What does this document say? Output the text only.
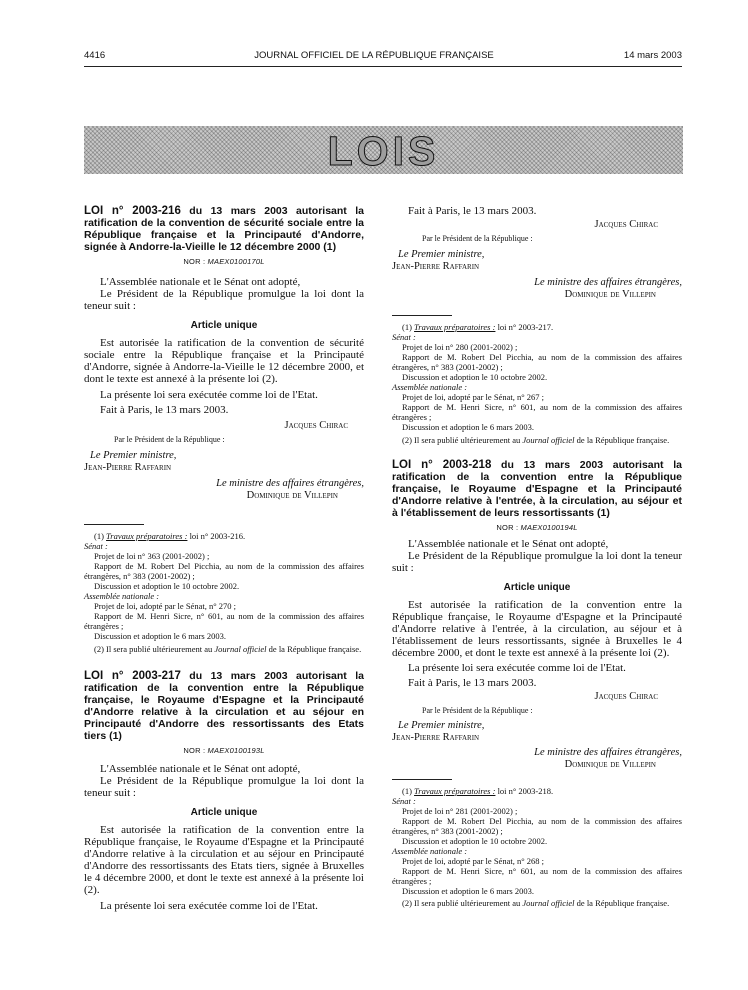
4416	JOURNAL OFFICIEL DE LA RÉPUBLIQUE FRANÇAISE	14 mars 2003
LOIS

LOI n° 2003-216 du 13 mars 2003 autorisant la ratification de la convention de sécurité sociale entre la République française et la Principauté d'Andorre, signée à Andorre-la-Vieille le 12 décembre 2000 (1)

NOR : MAEX0100170L

L'Assemblée nationale et le Sénat ont adopté,

Le Président de la République promulgue la loi dont la teneur suit :

Article unique

Est autorisée la ratification de la convention de sécurité sociale entre la République française et la Principauté d'Andorre, signée à Andorre-la-Vieille le 12 décembre 2000, et dont le texte est annexé à la présente loi (2).

La présente loi sera exécutée comme loi de l'Etat.

Fait à Paris, le 13 mars 2003.

Jacques Chirac
Par le Président de la République :
Le Premier ministre,
Jean-Pierre Raffarin
Le ministre des affaires étrangères,
Dominique de Villepin

(1) Travaux préparatoires : loi n° 2003-216.

Sénat :

Projet de loi n° 363 (2001-2002) ;

Rapport de M. Robert Del Picchia, au nom de la commission des affaires étrangères, n° 383 (2001-2002) ;

Discussion et adoption le 10 octobre 2002.

Assemblée nationale :

Projet de loi, adopté par le Sénat, n° 270 ;

Rapport de M. Henri Sicre, n° 601, au nom de la commission des affaires étrangères ;

Discussion et adoption le 6 mars 2003.

(2) Il sera publié ultérieurement au Journal officiel de la République française.

LOI n° 2003-217 du 13 mars 2003 autorisant la ratification de la convention entre la République française, le Royaume d'Espagne et la Principauté d'Andorre relative à la circulation et au séjour en Principauté d'Andorre des ressortissants des Etats tiers (1)

NOR : MAEX0100193L

L'Assemblée nationale et le Sénat ont adopté,

Le Président de la République promulgue la loi dont la teneur suit :

Article unique

Est autorisée la ratification de la convention entre la République française, le Royaume d'Espagne et la Principauté d'Andorre relative à la circulation et au séjour en Principauté d'Andorre des ressortissants des Etats tiers, signée à Bruxelles le 4 décembre 2000, et dont le texte est annexé à la présente loi (2).

La présente loi sera exécutée comme loi de l'Etat.

Fait à Paris, le 13 mars 2003.

Jacques Chirac
Par le Président de la République :
Le Premier ministre,
Jean-Pierre Raffarin
Le ministre des affaires étrangères,
Dominique de Villepin

(1) Travaux préparatoires : loi n° 2003-217.

Sénat :

Projet de loi n° 280 (2001-2002) ;

Rapport de M. Robert Del Picchia, au nom de la commission des affaires étrangères, n° 383 (2001-2002) ;

Discussion et adoption le 10 octobre 2002.

Assemblée nationale :

Projet de loi, adopté par le Sénat, n° 267 ;

Rapport de M. Henri Sicre, n° 601, au nom de la commission des affaires étrangères ;

Discussion et adoption le 6 mars 2003.

(2) Il sera publié ultérieurement au Journal officiel de la République française.

LOI n° 2003-218 du 13 mars 2003 autorisant la ratification de la convention entre la République française, le Royaume d'Espagne et la Principauté d'Andorre relative à l'entrée, à la circulation, au séjour et à l'établissement de leurs ressortissants (1)

NOR : MAEX0100194L

L'Assemblée nationale et le Sénat ont adopté,

Le Président de la République promulgue la loi dont la teneur suit :

Article unique

Est autorisée la ratification de la convention entre la République française, le Royaume d'Espagne et la Principauté d'Andorre relative à l'entrée, à la circulation, au séjour et à l'établissement de leurs ressortissants, signée à Bruxelles le 4 décembre 2000, et dont le texte est annexé à la présente loi (2).

La présente loi sera exécutée comme loi de l'Etat.

Fait à Paris, le 13 mars 2003.

Jacques Chirac
Par le Président de la République :
Le Premier ministre,
Jean-Pierre Raffarin
Le ministre des affaires étrangères,
Dominique de Villepin

(1) Travaux préparatoires : loi n° 2003-218.

Sénat :

Projet de loi n° 281 (2001-2002) ;

Rapport de M. Robert Del Picchia, au nom de la commission des affaires étrangères, n° 383 (2001-2002) ;

Discussion et adoption le 10 octobre 2002.

Assemblée nationale :

Projet de loi, adopté par le Sénat, n° 268 ;

Rapport de M. Henri Sicre, n° 601, au nom de la commission des affaires étrangères ;

Discussion et adoption le 6 mars 2003.

(2) Il sera publié ultérieurement au Journal officiel de la République française.
